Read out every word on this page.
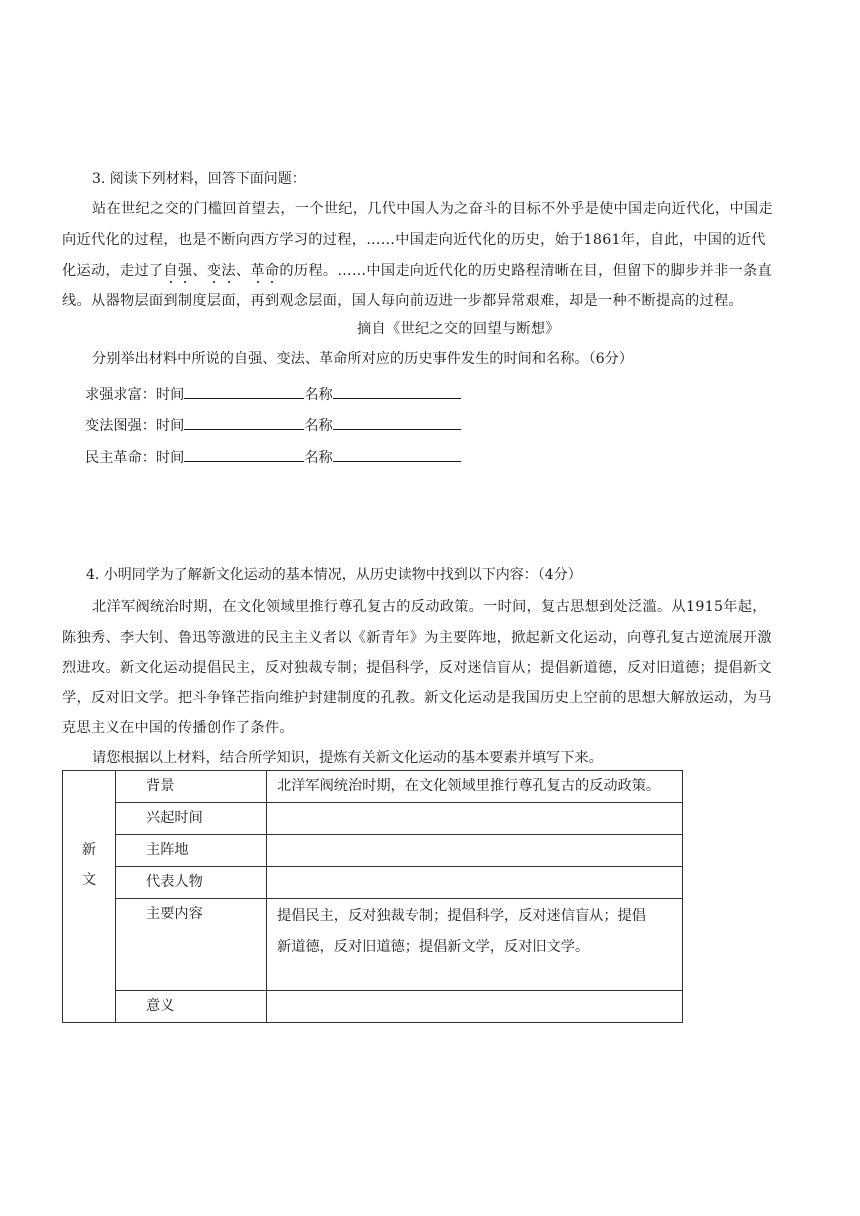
3. 阅读下列材料，回答下面问题：
站在世纪之交的门槛回首望去，一个世纪，几代中国人为之奋斗的目标不外乎是使中国走向近代化，中国走
向近代化的过程，也是不断向西方学习的过程，……中国走向近代化的历史，始于1861年，自此，中国的近代
化运动，走过了自强、变法、革命的历程。……中国走向近代化的历史路程清晰在目，但留下的脚步并非一条直
线。从器物层面到制度层面，再到观念层面，国人每向前迈进一步都异常艰难，却是一种不断提高的过程。
摘自《世纪之交的回望与断想》
分别举出材料中所说的自强、变法、革命所对应的历史事件发生的时间和名称。（6分）
求强求富：时间	名称
变法图强：时间	名称
民主革命：时间	名称
4. 小明同学为了解新文化运动的基本情况，从历史读物中找到以下内容：（4分）
北洋军阀统治时期，在文化领域里推行尊孔复古的反动政策。一时间，复古思想到处泛滥。从1915年起，
陈独秀、李大钊、鲁迅等激进的民主主义者以《新青年》为主要阵地，掀起新文化运动，向尊孔复古逆流展开激
烈进攻。新文化运动提倡民主，反对独裁专制；提倡科学，反对迷信盲从；提倡新道德，反对旧道德；提倡新文
学，反对旧文学。把斗争锋芒指向维护封建制度的孔教。新文化运动是我国历史上空前的思想大解放运动，为马
克思主义在中国的传播创作了条件。
请您根据以上材料，结合所学知识，提炼有关新文化运动的基本要素并填写下来。
新
文	背景	北洋军阀统治时期，在文化领域里推行尊孔复古的反动政策。
	兴起时间	
	主阵地	
	代表人物	
	主要内容	提倡民主，反对独裁专制；提倡科学，反对迷信盲从；提倡
新道德，反对旧道德；提倡新文学，反对旧文学。

	意义	
